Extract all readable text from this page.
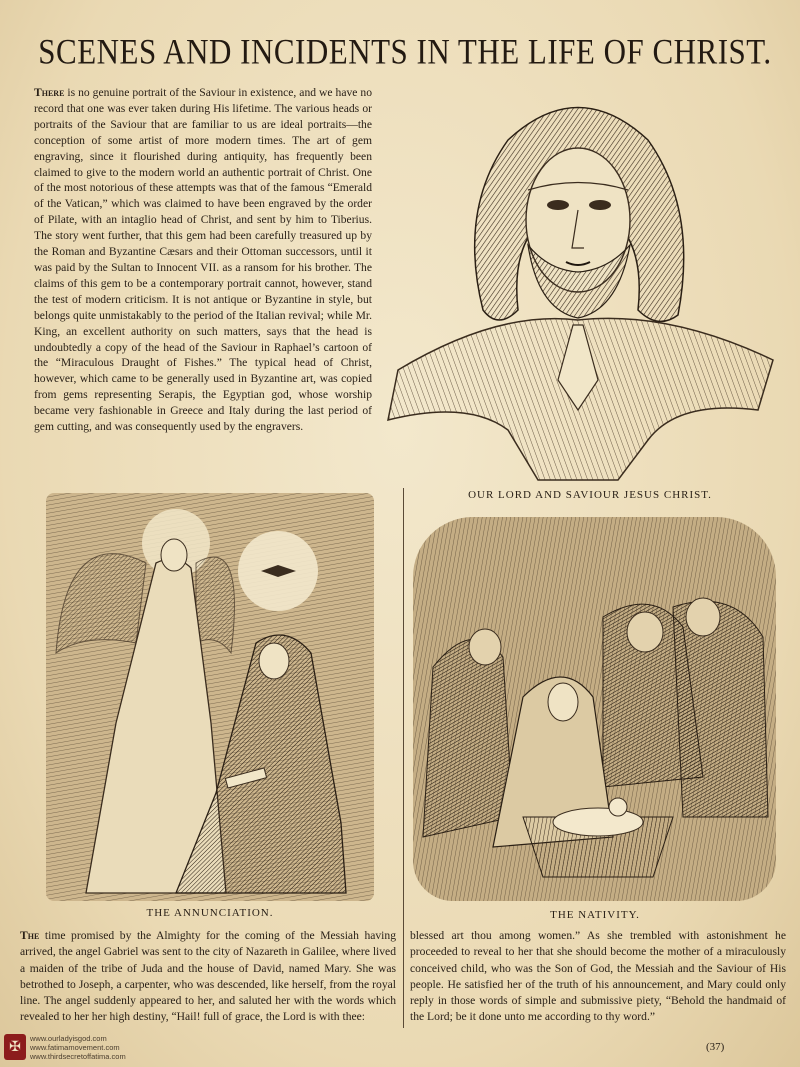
SCENES AND INCIDENTS IN THE LIFE OF CHRIST.
There is no genuine portrait of the Saviour in existence, and we have no record that one was ever taken during His lifetime. The various heads or portraits of the Saviour that are familiar to us are ideal portraits—the conception of some artist of more modern times. The art of gem engraving, since it flourished during antiquity, has frequently been claimed to give to the modern world an authentic portrait of Christ. One of the most notorious of these attempts was that of the famous “Emerald of the Vatican,” which was claimed to have been engraved by the order of Pilate, with an intaglio head of Christ, and sent by him to Tiberius. The story went further, that this gem had been carefully treasured up by the Roman and Byzantine Cæsars and their Ottoman successors, until it was paid by the Sultan to Innocent VII. as a ransom for his brother. The claims of this gem to be a contemporary portrait cannot, however, stand the test of modern criticism. It is not antique or Byzantine in style, but belongs quite unmistakably to the period of the Italian revival; while Mr. King, an excellent authority on such matters, says that the head is undoubtedly a copy of the head of the Saviour in Raphael’s cartoon of the “Miraculous Draught of Fishes.” The typical head of Christ, however, which came to be generally used in Byzantine art, was copied from gems representing Serapis, the Egyptian god, whose worship became very fashionable in Greece and Italy during the last period of gem cutting, and was consequently used by the engravers.
OUR LORD AND SAVIOUR JESUS CHRIST.
THE ANNUNCIATION.	THE NATIVITY.
The time promised by the Almighty for the coming of the Messiah having arrived, the angel Gabriel was sent to the city of Nazareth in Galilee, where lived a maiden of the tribe of Juda and the house of David, named Mary. She was betrothed to Joseph, a carpenter, who was descended, like herself, from the royal line. The angel suddenly appeared to her, and saluted her with the words which revealed to her her high destiny, “Hail! full of grace, the Lord is with thee:
blessed art thou among women.” As she trembled with astonishment he proceeded to reveal to her that she should become the mother of a miraculously conceived child, who was the Son of God, the Messiah and the Saviour of His people. He satisfied her of the truth of his announcement, and Mary could only reply in those words of simple and submissive piety, “Behold the handmaid of the Lord; be it done unto me according to thy word.”
(37)
✠
www.ourladyisgod.com
www.fatimamovement.com
www.thirdsecretoffatima.com
